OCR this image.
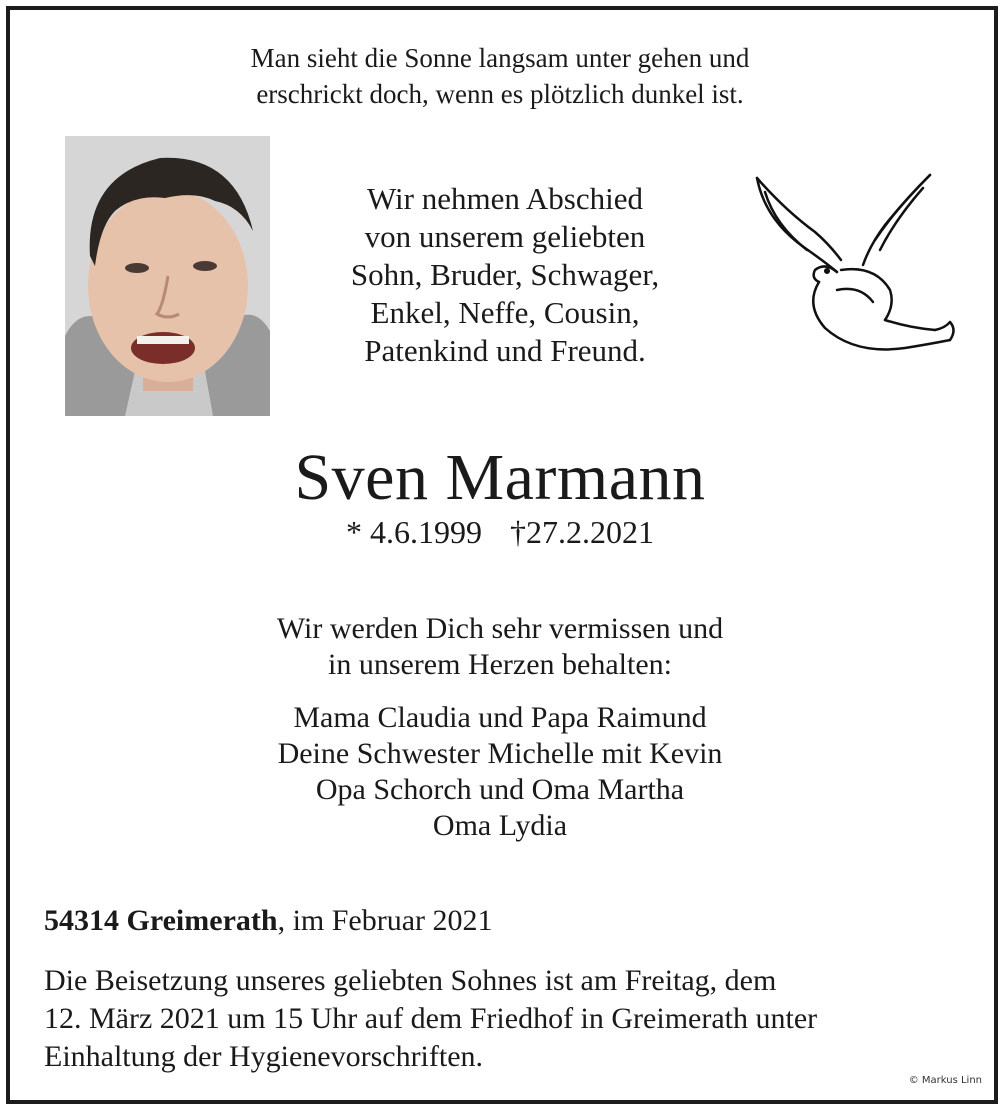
Man sieht die Sonne langsam unter gehen und
erschrickt doch, wenn es plötzlich dunkel ist.
Wir nehmen Abschied
von unserem geliebten
Sohn, Bruder, Schwager,
Enkel, Neffe, Cousin,
Patenkind und Freund.
Sven Marmann
* 4.6.1999 †27.2.2021
Wir werden Dich sehr vermissen und
in unserem Herzen behalten:
Mama Claudia und Papa Raimund
Deine Schwester Michelle mit Kevin
Opa Schorch und Oma Martha
Oma Lydia
54314 Greimerath, im Februar 2021
Die Beisetzung unseres geliebten Sohnes ist am Freitag, dem
12. März 2021 um 15 Uhr auf dem Friedhof in Greimerath unter
Einhaltung der Hygienevorschriften.
© Markus Linn
